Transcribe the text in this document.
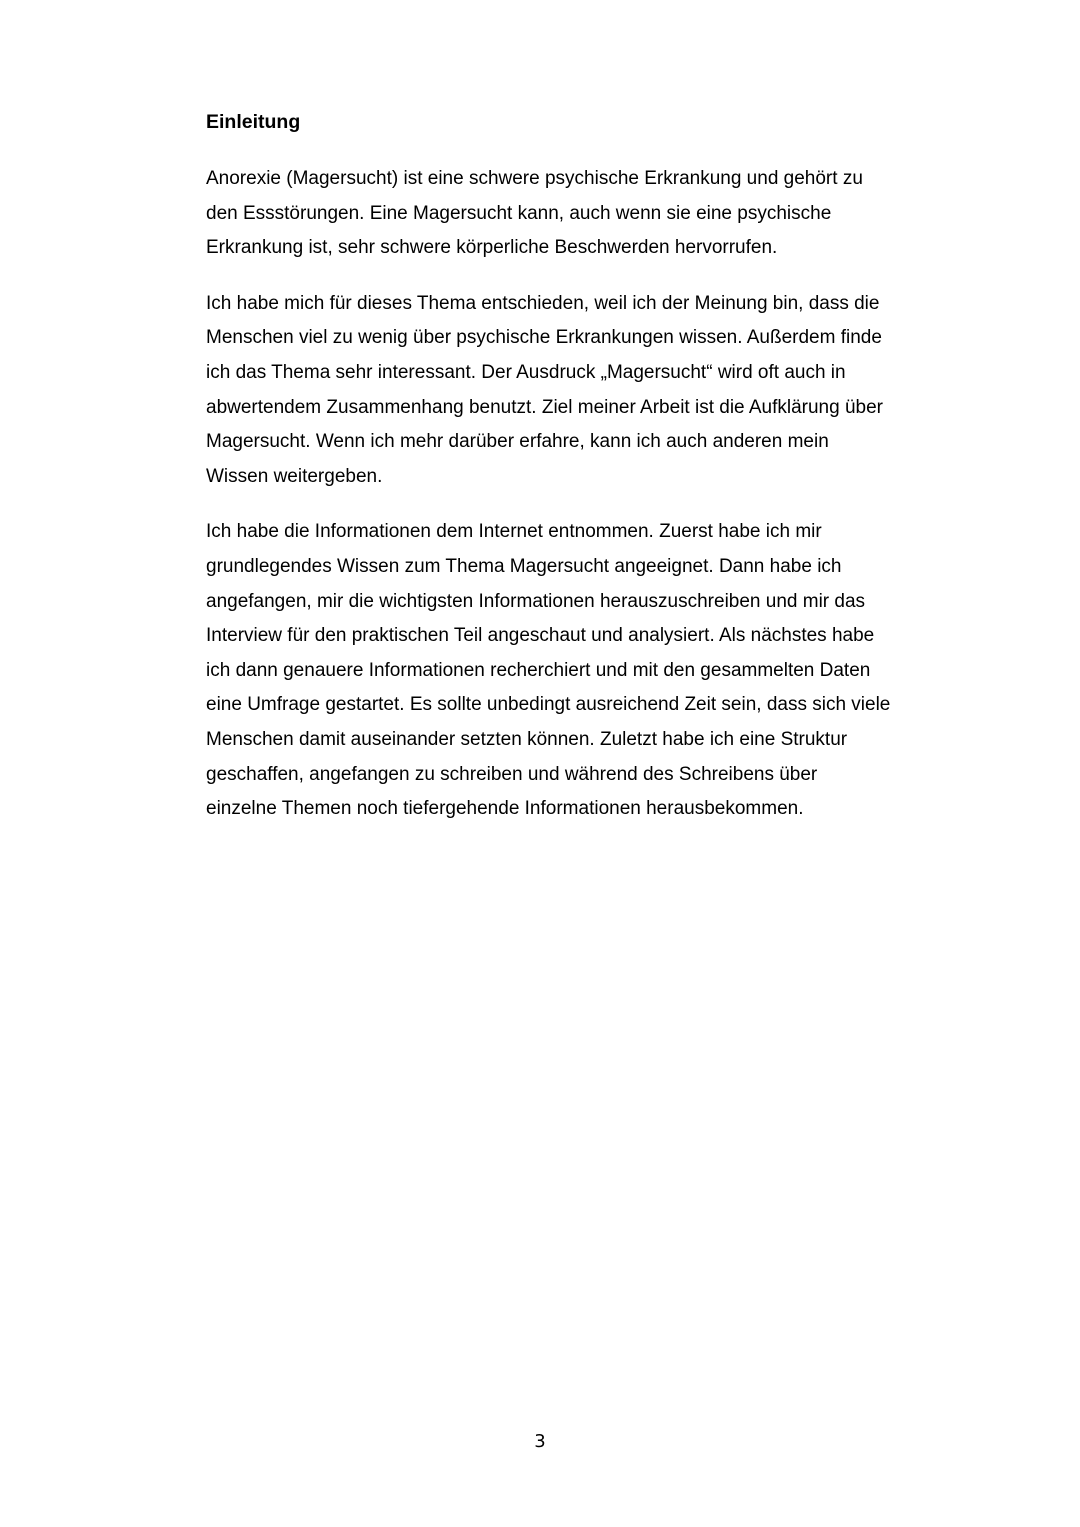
Einleitung
Anorexie (Magersucht) ist eine schwere psychische Erkrankung und gehört zu
den Essstörungen. Eine Magersucht kann, auch wenn sie eine psychische
Erkrankung ist, sehr schwere körperliche Beschwerden hervorrufen.
Ich habe mich für dieses Thema entschieden, weil ich der Meinung bin, dass die
Menschen viel zu wenig über psychische Erkrankungen wissen. Außerdem finde
ich das Thema sehr interessant. Der Ausdruck „Magersucht“ wird oft auch in
abwertendem Zusammenhang benutzt. Ziel meiner Arbeit ist die Aufklärung über
Magersucht. Wenn ich mehr darüber erfahre, kann ich auch anderen mein
Wissen weitergeben.
Ich habe die Informationen dem Internet entnommen. Zuerst habe ich mir
grundlegendes Wissen zum Thema Magersucht angeeignet. Dann habe ich
angefangen, mir die wichtigsten Informationen herauszuschreiben und mir das
Interview für den praktischen Teil angeschaut und analysiert. Als nächstes habe
ich dann genauere Informationen recherchiert und mit den gesammelten Daten
eine Umfrage gestartet. Es sollte unbedingt ausreichend Zeit sein, dass sich viele
Menschen damit auseinander setzten können. Zuletzt habe ich eine Struktur
geschaffen, angefangen zu schreiben und während des Schreibens über
einzelne Themen noch tiefergehende Informationen herausbekommen.
3
